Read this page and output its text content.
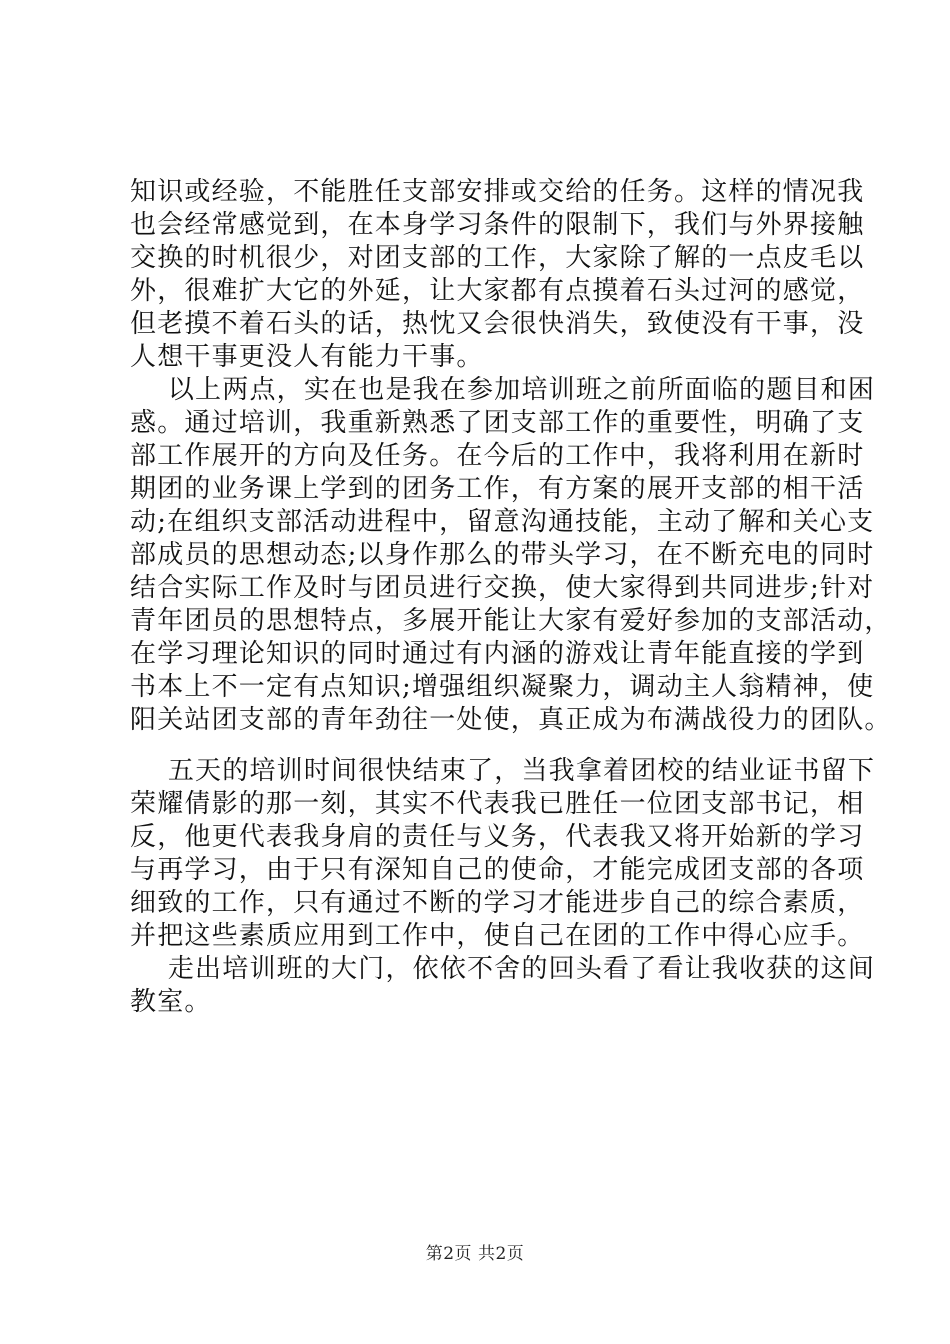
知识或经验，不能胜任支部安排或交给的任务。这样的情况我
也会经常感觉到，在本身学习条件的限制下，我们与外界接触
交换的时机很少，对团支部的工作，大家除了解的一点皮毛以
外，很难扩大它的外延，让大家都有点摸着石头过河的感觉，
但老摸不着石头的话，热忱又会很快消失，致使没有干事，没
人想干事更没人有能力干事。
以上两点，实在也是我在参加培训班之前所面临的题目和困
惑。通过培训，我重新熟悉了团支部工作的重要性，明确了支
部工作展开的方向及任务。在今后的工作中，我将利用在新时
期团的业务课上学到的团务工作，有方案的展开支部的相干活
动;在组织支部活动进程中，留意沟通技能，主动了解和关心支
部成员的思想动态;以身作那么的带头学习，在不断充电的同时
结合实际工作及时与团员进行交换，使大家得到共同进步;针对
青年团员的思想特点，多展开能让大家有爱好参加的支部活动，
在学习理论知识的同时通过有内涵的游戏让青年能直接的学到
书本上不一定有点知识;增强组织凝聚力，调动主人翁精神，使
阳关站团支部的青年劲往一处使，真正成为布满战役力的团队。
五天的培训时间很快结束了，当我拿着团校的结业证书留下
荣耀倩影的那一刻，其实不代表我已胜任一位团支部书记，相
反，他更代表我身肩的责任与义务，代表我又将开始新的学习
与再学习，由于只有深知自己的使命，才能完成团支部的各项
细致的工作，只有通过不断的学习才能进步自己的综合素质，
并把这些素质应用到工作中，使自己在团的工作中得心应手。
走出培训班的大门，依依不舍的回头看了看让我收获的这间
教室。
第2页 共2页
